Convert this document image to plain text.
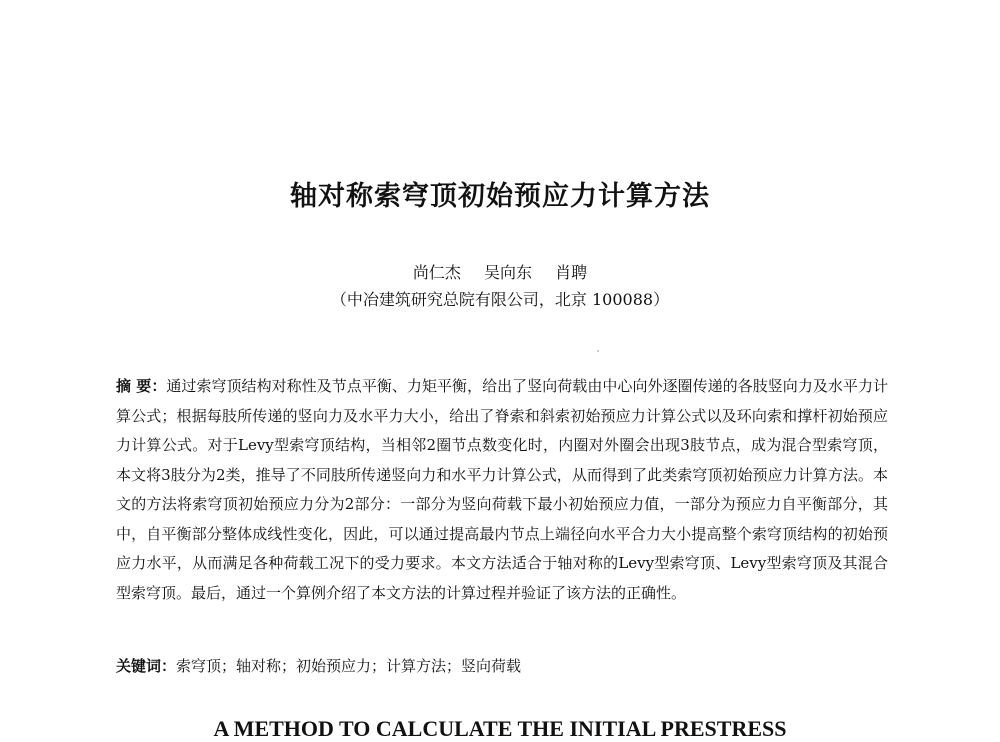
轴对称索穹顶初始预应力计算方法
尚仁杰 吴向东 肖聘
（中冶建筑研究总院有限公司，北京 100088）
摘 要：通过索穹顶结构对称性及节点平衡、力矩平衡，给出了竖向荷载由中心向外逐圈传递的各肢竖向力及水平力计算公式；根据每肢所传递的竖向力及水平力大小，给出了脊索和斜索初始预应力计算公式以及环向索和撑杆初始预应力计算公式。对于Levy型索穹顶结构，当相邻2圈节点数变化时，内圈对外圈会出现3肢节点，成为混合型索穹顶，本文将3肢分为2类，推导了不同肢所传递竖向力和水平力计算公式，从而得到了此类索穹顶初始预应力计算方法。本文的方法将索穹顶初始预应力分为2部分：一部分为竖向荷载下最小初始预应力值，一部分为预应力自平衡部分，其中，自平衡部分整体成线性变化，因此，可以通过提高最内节点上端径向水平合力大小提高整个索穹顶结构的初始预应力水平，从而满足各种荷载工况下的受力要求。本文方法适合于轴对称的Levy型索穹顶、Levy型索穹顶及其混合型索穹顶。最后，通过一个算例介绍了本文方法的计算过程并验证了该方法的正确性。
关键词：索穹顶；轴对称；初始预应力；计算方法；竖向荷载
A METHOD TO CALCULATE THE INITIAL PRESTRESS
